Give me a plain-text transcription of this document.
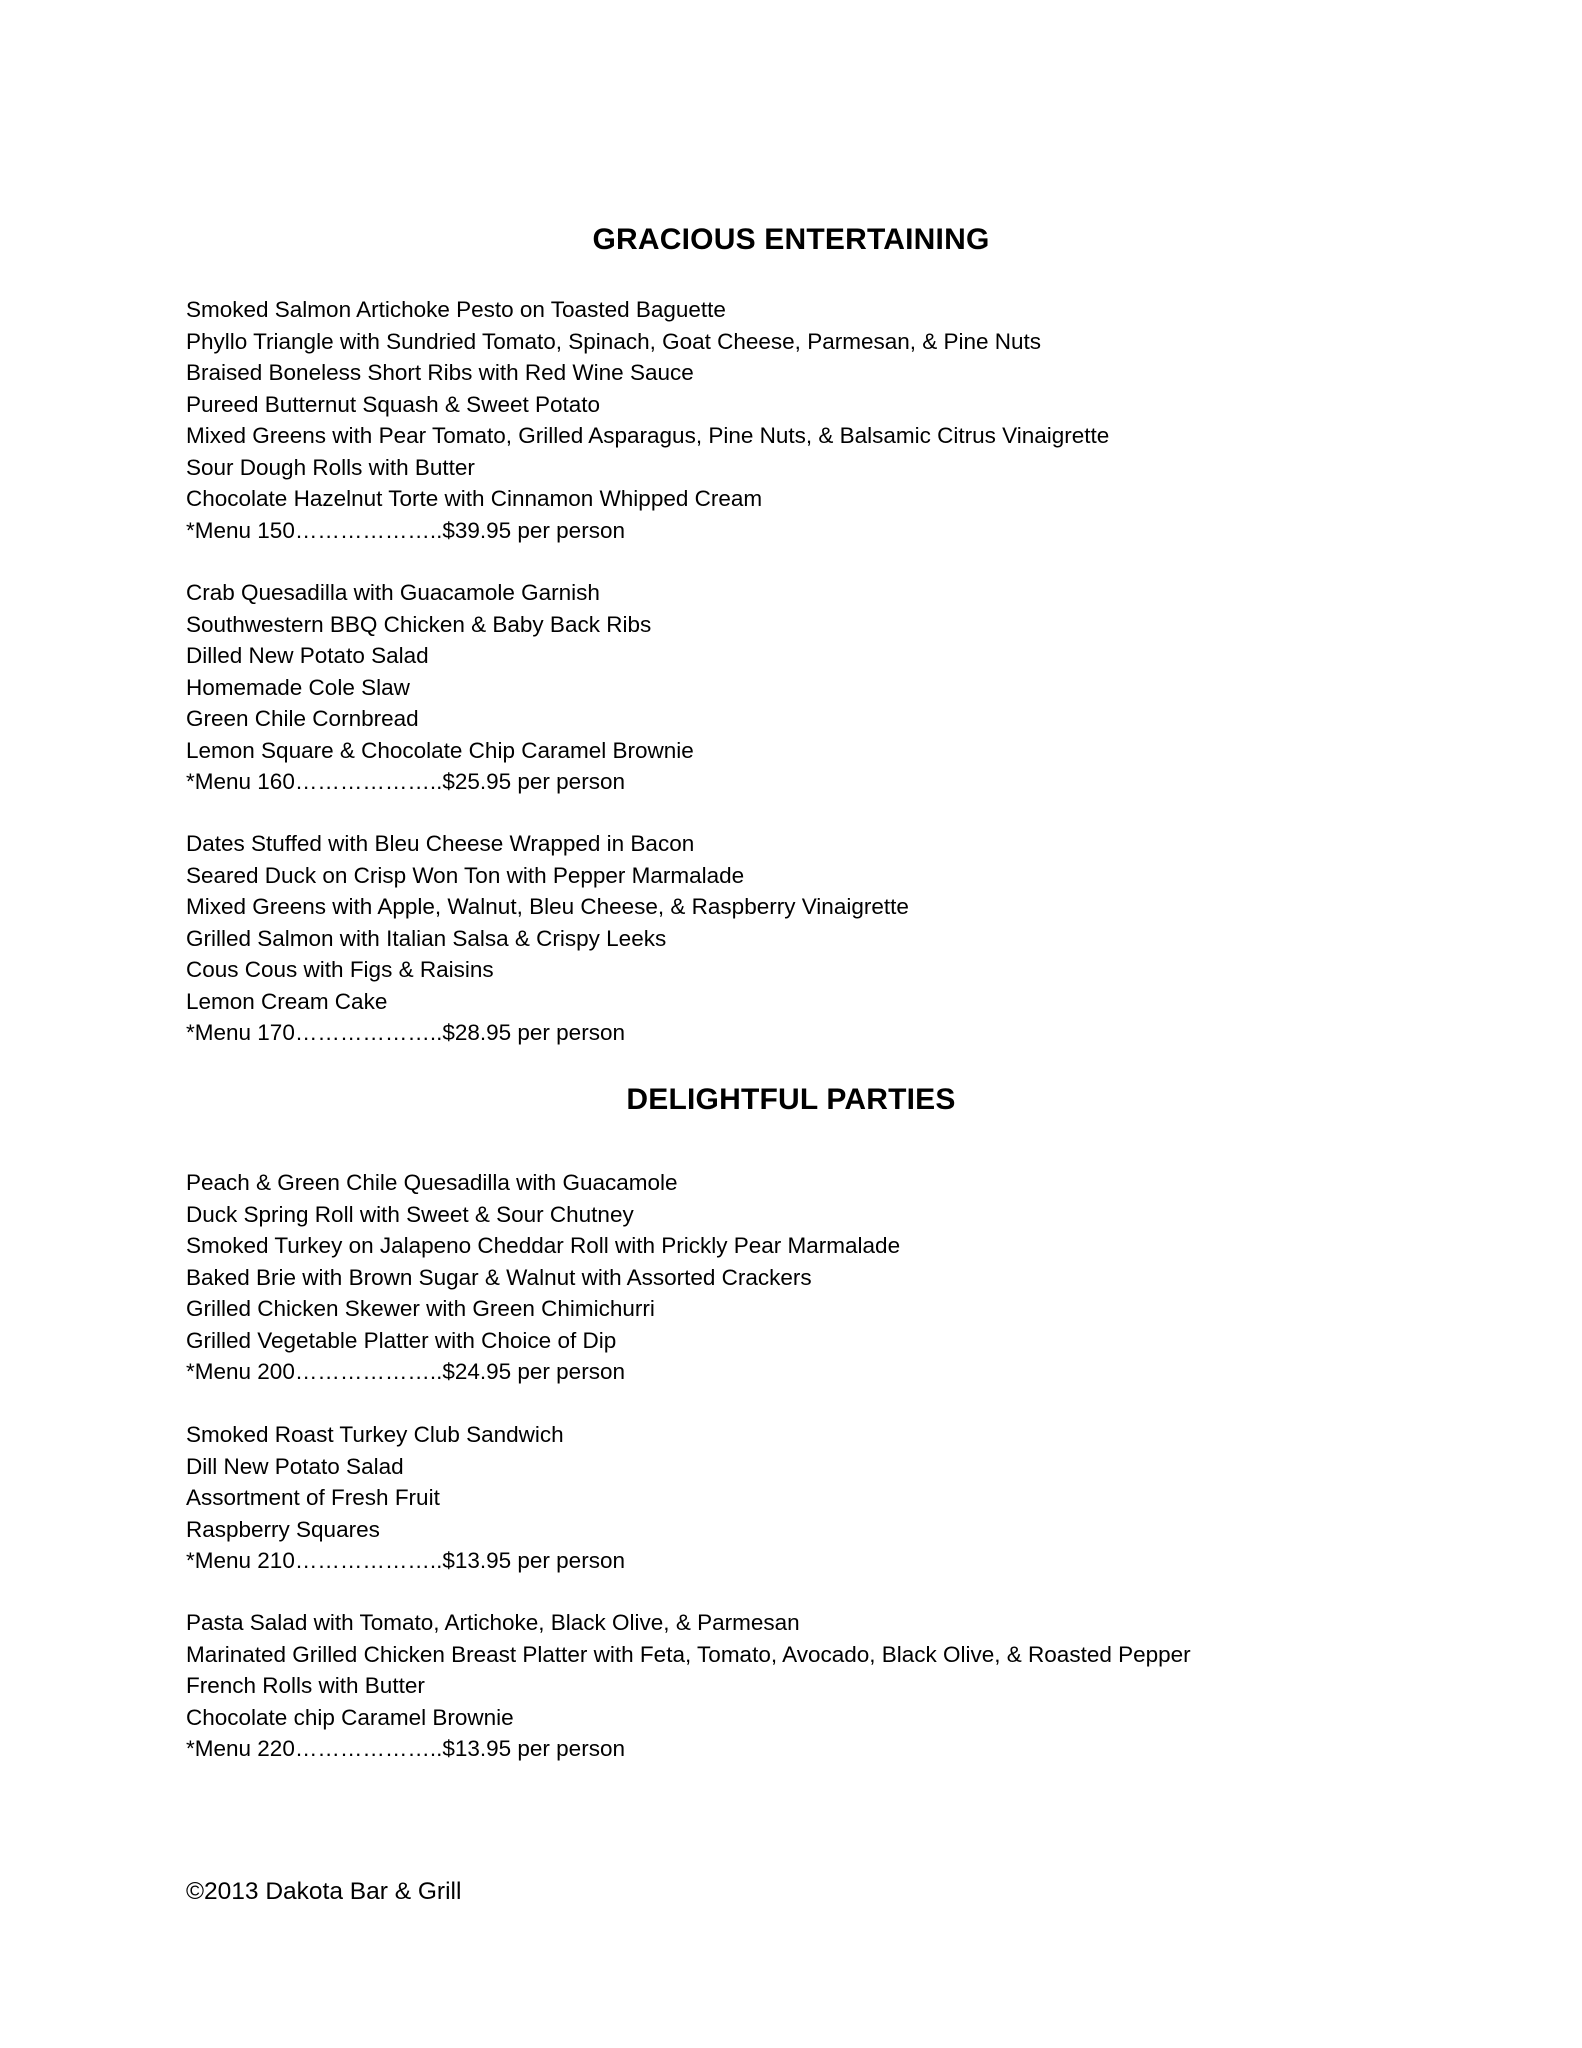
GRACIOUS ENTERTAINING
Smoked Salmon Artichoke Pesto on Toasted Baguette
Phyllo Triangle with Sundried Tomato, Spinach, Goat Cheese, Parmesan, & Pine Nuts
Braised Boneless Short Ribs with Red Wine Sauce
Pureed Butternut Squash & Sweet Potato
Mixed Greens with Pear Tomato, Grilled Asparagus, Pine Nuts, & Balsamic Citrus Vinaigrette
Sour Dough Rolls with Butter
Chocolate Hazelnut Torte with Cinnamon Whipped Cream
*Menu 150………………..$39.95 per person
Crab Quesadilla with Guacamole Garnish
Southwestern BBQ Chicken & Baby Back Ribs
Dilled New Potato Salad
Homemade Cole Slaw
Green Chile Cornbread
Lemon Square & Chocolate Chip Caramel Brownie
*Menu 160………………..$25.95 per person
Dates Stuffed with Bleu Cheese Wrapped in Bacon
Seared Duck on Crisp Won Ton with Pepper Marmalade
Mixed Greens with Apple, Walnut, Bleu Cheese, & Raspberry Vinaigrette
Grilled Salmon with Italian Salsa & Crispy Leeks
Cous Cous with Figs & Raisins
Lemon Cream Cake
*Menu 170………………..$28.95 per person
DELIGHTFUL PARTIES
Peach & Green Chile Quesadilla with Guacamole
Duck Spring Roll with Sweet & Sour Chutney
Smoked Turkey on Jalapeno Cheddar Roll with Prickly Pear Marmalade
Baked Brie with Brown Sugar & Walnut with Assorted Crackers
Grilled Chicken Skewer with Green Chimichurri
Grilled Vegetable Platter with Choice of Dip
*Menu 200………………..$24.95 per person
Smoked Roast Turkey Club Sandwich
Dill New Potato Salad
Assortment of Fresh Fruit
Raspberry Squares
*Menu 210………………..$13.95 per person
Pasta Salad with Tomato, Artichoke, Black Olive, & Parmesan
Marinated Grilled Chicken Breast Platter with Feta, Tomato, Avocado, Black Olive, & Roasted Pepper
French Rolls with Butter
Chocolate chip Caramel Brownie
*Menu 220………………..$13.95 per person

©2013 Dakota Bar & Grill
